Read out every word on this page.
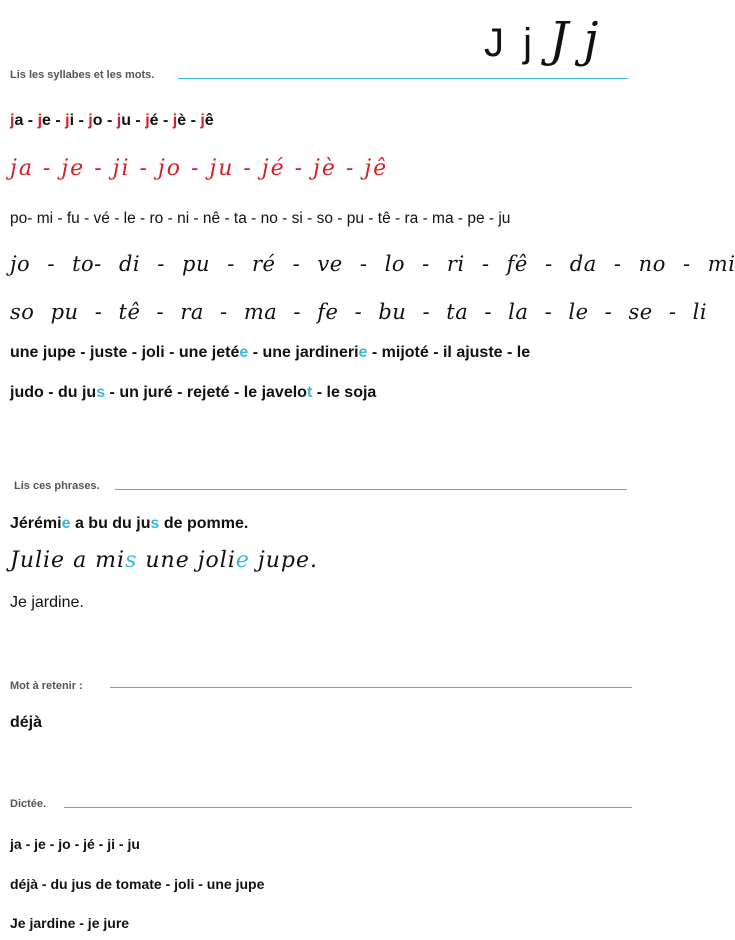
J j J j
Lis les syllabes et les mots.
ja - je - ji - jo - ju - jé - jè - jê
ja - je - ji - jo - ju - jé - jè - jê
po- mi - fu - vé - le - ro - ni - nê - ta - no - si - so - pu - tê - ra - ma - pe - ju
jo - to- di - pu - ré - ve - lo - ri - fê - da - no - mi
so pu - tê - ra - ma - fe - bu - ta - la - le - se - li
une jupe - juste - joli - une jetée - une jardinerie - mijoté - il ajuste - le
judo - du jus - un juré - rejeté - le javelot - le soja
Lis ces phrases.
Jérémie a bu du jus de pomme.
Julie a mis une jolie jupe.
Je jardine.
Mot à retenir :
déjà
Dictée.
ja - je - jo - jé - ji - ju
déjà - du jus de tomate - joli - une jupe
Je jardine - je jure
